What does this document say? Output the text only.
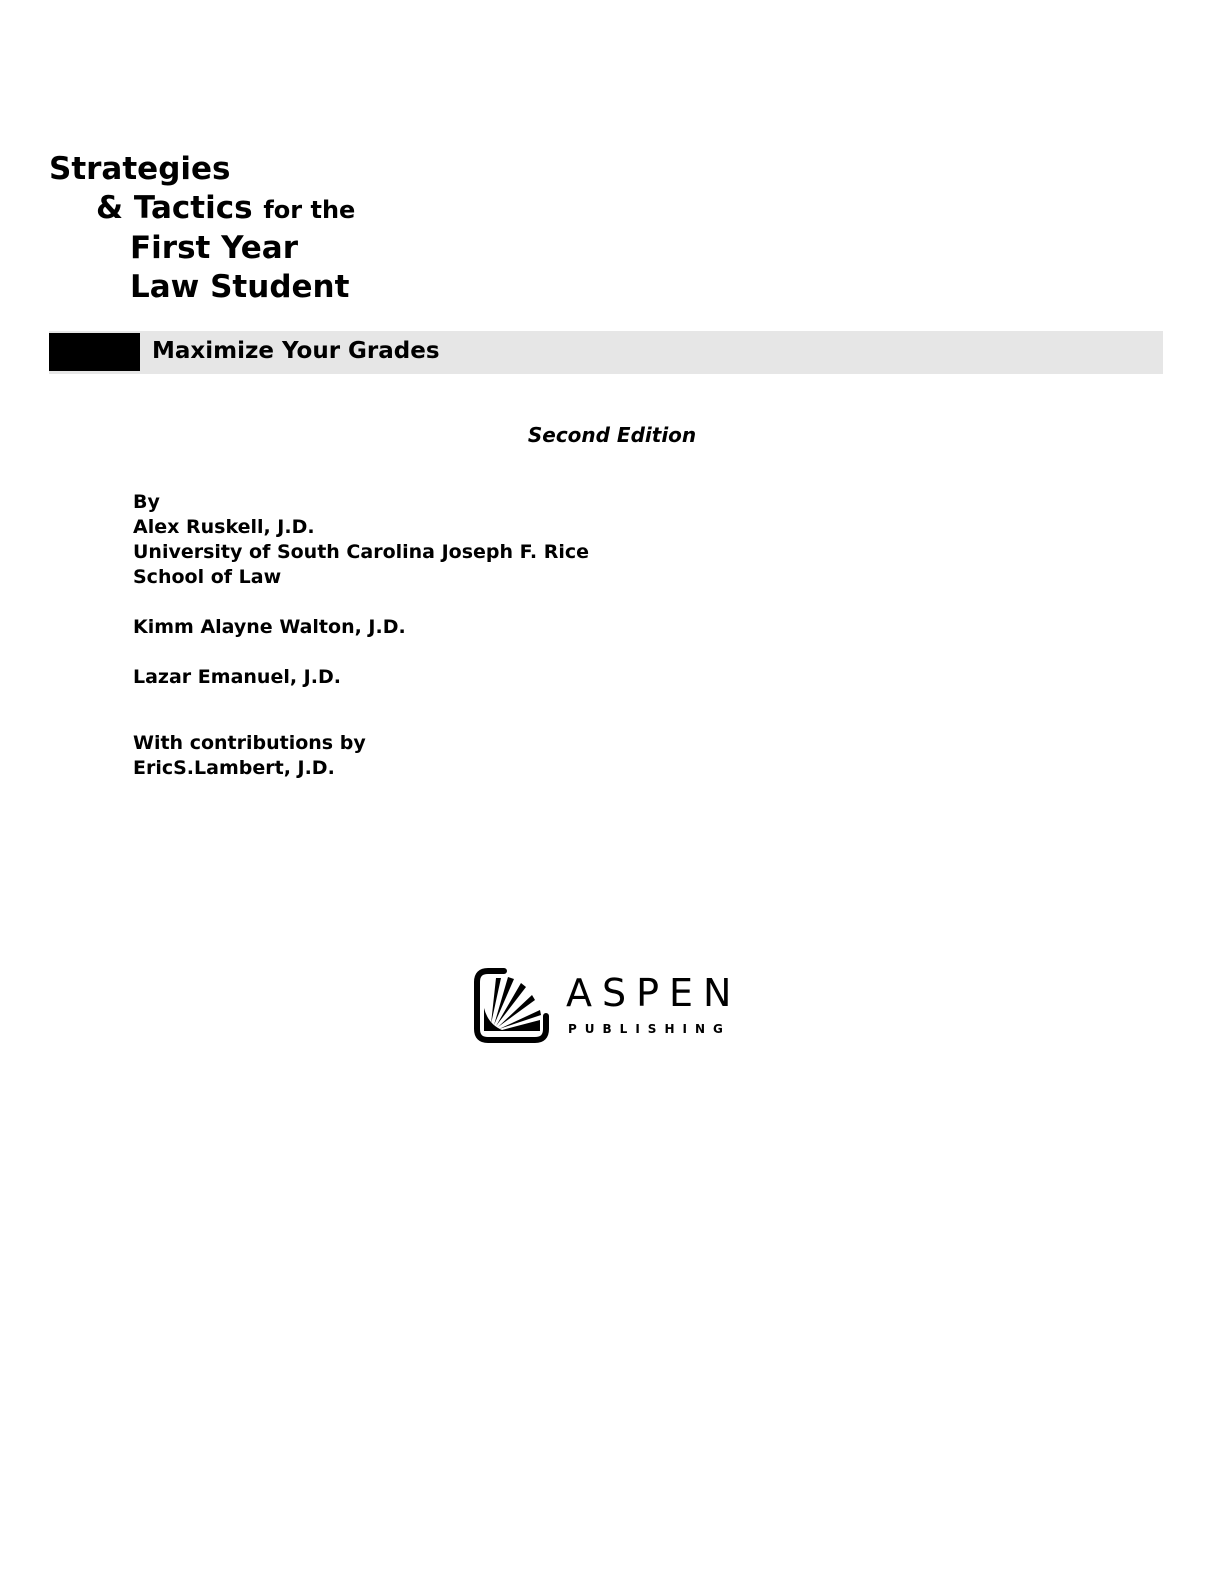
Strategies
& Tactics for the
First Year
Law Student
Maximize Your Grades
Second Edition
By
Alex Ruskell, J.D.
University of South Carolina Joseph F. Rice
School of Law
Kimm Alayne Walton, J.D.
Lazar Emanuel, J.D.
With contributions by
EricS.Lambert, J.D.
ASPEN
PUBLISHING
